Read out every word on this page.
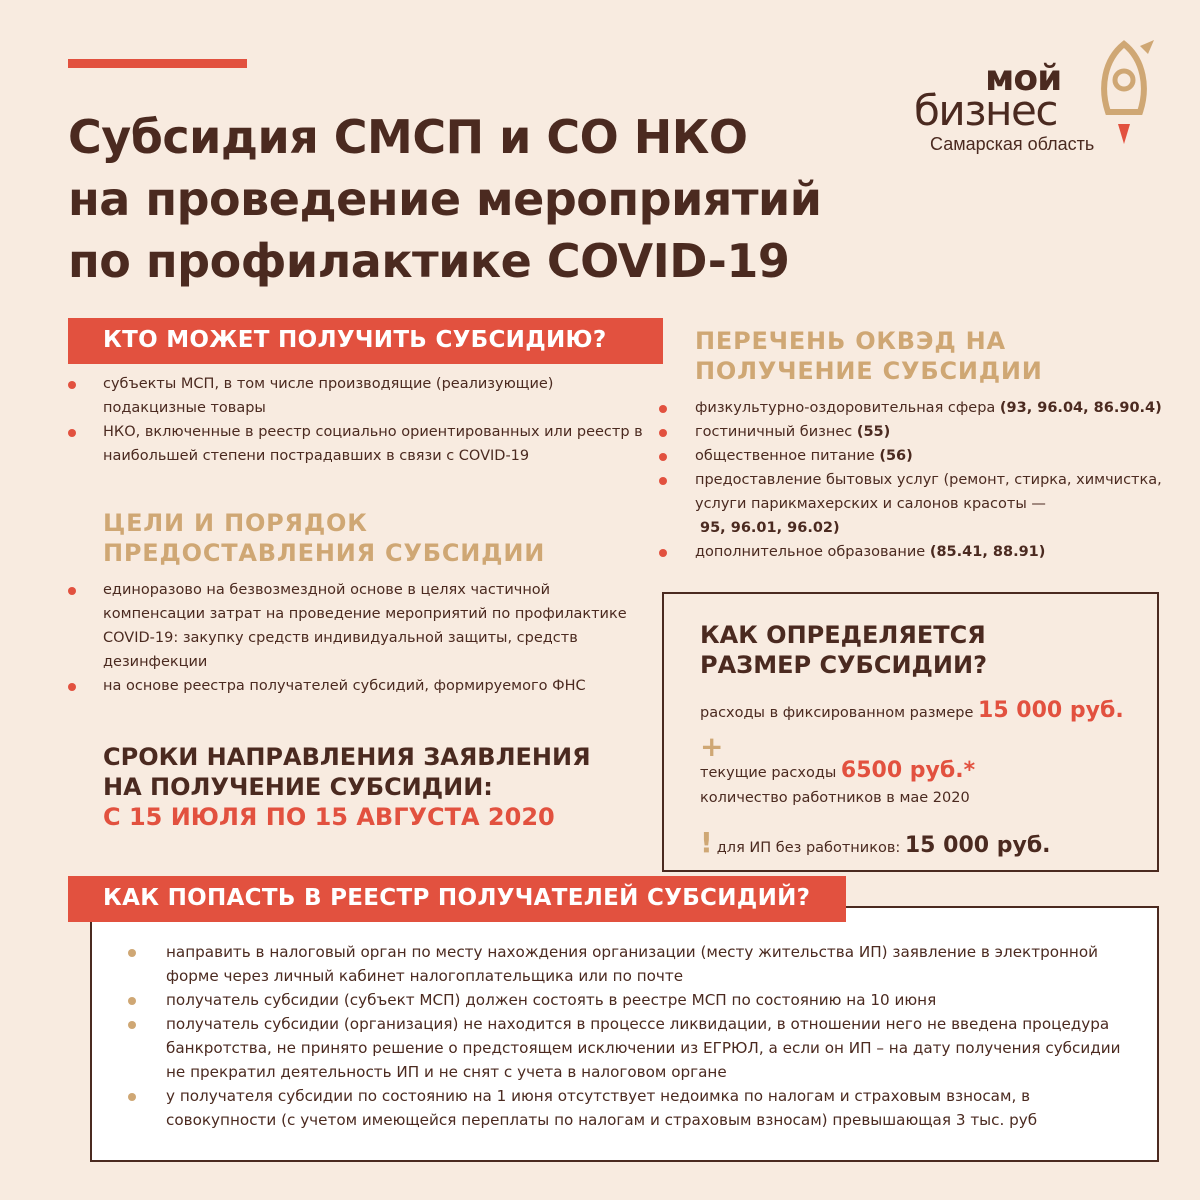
Субсидия СМСП и СО НКО
на проведение мероприятий
по профилактике COVID-19
мой
бизнес
Самарская область
КТО МОЖЕТ ПОЛУЧИТЬ СУБСИДИЮ?
субъекты МСП, в том числе производящие (реализующие) подакцизные товары
НКО, включенные в реестр социально ориентированных или реестр в наибольшей степени пострадавших в связи с COVID-19
ПЕРЕЧЕНЬ ОКВЭД НА ПОЛУЧЕНИЕ СУБСИДИИ
физкультурно-оздоровительная сфера (93, 96.04, 86.90.4)
гостиничный бизнес (55)
общественное питание (56)
предоставление бытовых услуг (ремонт, стирка, химчистка, услуги парикмахерских и салонов красоты —
95, 96.01, 96.02)
дополнительное образование (85.41, 88.91)
ЦЕЛИ И ПОРЯДОК ПРЕДОСТАВЛЕНИЯ СУБСИДИИ
единоразово на безвозмездной основе в целях частичной компенсации затрат на проведение мероприятий по профилактике COVID-19: закупку средств индивидуальной защиты, средств дезинфекции
на основе реестра получателей субсидий, формируемого ФНС
СРОКИ НАПРАВЛЕНИЯ ЗАЯВЛЕНИЯ
НА ПОЛУЧЕНИЕ СУБСИДИИ:
С 15 ИЮЛЯ ПО 15 АВГУСТА 2020
КАК ОПРЕДЕЛЯЕТСЯ
РАЗМЕР СУБСИДИИ?
расходы в фиксированном размере 15 000 руб.
+
текущие расходы 6500 руб.*
количество работников в мае 2020
! для ИП без работников: 15 000 руб.
направить в налоговый орган по месту нахождения организации (месту жительства ИП) заявление в электронной форме через личный кабинет налогоплательщика или по почте
получатель субсидии (субъект МСП) должен состоять в реестре МСП по состоянию на 10 июня
получатель субсидии (организация) не находится в процессе ликвидации, в отношении него не введена процедура банкротства, не принято решение о предстоящем исключении из ЕГРЮЛ, а если он ИП – на дату получения субсидии не прекратил деятельность ИП и не снят с учета в налоговом органе
у получателя субсидии по состоянию на 1 июня отсутствует недоимка по налогам и страховым взносам, в совокупности (с учетом имеющейся переплаты по налогам и страховым взносам) превышающая 3 тыс. руб
КАК ПОПАСТЬ В РЕЕСТР ПОЛУЧАТЕЛЕЙ СУБСИДИЙ?
